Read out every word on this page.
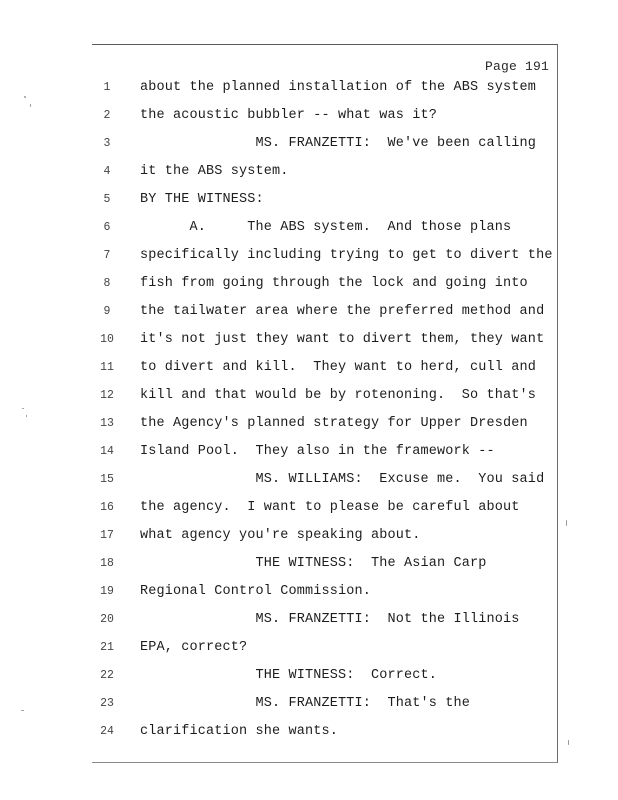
Page 191
1	about the planned installation of the ABS system
2	the acoustic bubbler -- what was it?
3	MS. FRANZETTI:  We've been calling
4	it the ABS system.
5	BY THE WITNESS:
6	A.     The ABS system.  And those plans
7	specifically including trying to get to divert the
8	fish from going through the lock and going into
9	the tailwater area where the preferred method and
10	it's not just they want to divert them, they want
11	to divert and kill.  They want to herd, cull and
12	kill and that would be by rotenoning.  So that's
13	the Agency's planned strategy for Upper Dresden
14	Island Pool.  They also in the framework --
15	MS. WILLIAMS:  Excuse me.  You said
16	the agency.  I want to please be careful about
17	what agency you're speaking about.
18	THE WITNESS:  The Asian Carp
19	Regional Control Commission.
20	MS. FRANZETTI:  Not the Illinois
21	EPA, correct?
22	THE WITNESS:  Correct.
23	MS. FRANZETTI:  That's the
24	clarification she wants.
